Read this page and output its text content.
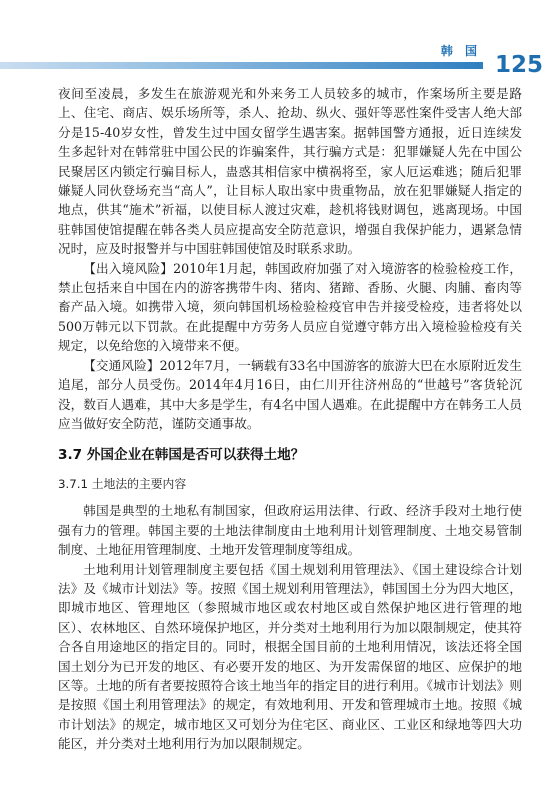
韩 国
125

夜间至凌晨，多发生在旅游观光和外来务工人员较多的城市，作案场所主要是路上、住宅、商店、娱乐场所等，杀人、抢劫、纵火、强奸等恶性案件受害人绝大部分是15-40岁女性，曾发生过中国女留学生遇害案。据韩国警方通报，近日连续发生多起针对在韩常驻中国公民的诈骗案件，其行骗方式是：犯罪嫌疑人先在中国公民聚居区内锁定行骗目标人，蛊惑其相信家中横祸将至，家人厄运难逃；随后犯罪嫌疑人同伙登场充当“高人”，让目标人取出家中贵重物品，放在犯罪嫌疑人指定的地点，供其“施术”祈福，以使目标人渡过灾难，趁机将钱财调包，逃离现场。中国驻韩国使馆提醒在韩各类人员应提高安全防范意识，增强自我保护能力，遇紧急情况时，应及时报警并与中国驻韩国使馆及时联系求助。

【出入境风险】2010年1月起，韩国政府加强了对入境游客的检验检疫工作，禁止包括来自中国在内的游客携带牛肉、猪肉、猪蹄、香肠、火腿、肉脯、畜肉等畜产品入境。如携带入境，须向韩国机场检验检疫官申告并接受检疫，违者将处以500万韩元以下罚款。在此提醒中方劳务人员应自觉遵守韩方出入境检验检疫有关规定，以免给您的入境带来不便。

【交通风险】2012年7月，一辆载有33名中国游客的旅游大巴在水原附近发生追尾，部分人员受伤。2014年4月16日，由仁川开往济州岛的“世越号”客货轮沉没，数百人遇难，其中大多是学生，有4名中国人遇难。在此提醒中方在韩务工人员应当做好安全防范，谨防交通事故。

3.7 外国企业在韩国是否可以获得土地？
3.7.1 土地法的主要内容

韩国是典型的土地私有制国家，但政府运用法律、行政、经济手段对土地行使强有力的管理。韩国主要的土地法律制度由土地利用计划管理制度、土地交易管制制度、土地征用管理制度、土地开发管理制度等组成。

土地利用计划管理制度主要包括《国土规划利用管理法》、《国土建设综合计划法》及《城市计划法》等。按照《国土规划利用管理法》，韩国国土分为四大地区，即城市地区、管理地区（参照城市地区或农村地区或自然保护地区进行管理的地区）、农林地区、自然环境保护地区，并分类对土地利用行为加以限制规定，使其符合各自用途地区的指定目的。同时，根据全国目前的土地利用情况，该法还将全国国土划分为已开发的地区、有必要开发的地区、为开发需保留的地区、应保护的地区等。土地的所有者要按照符合该土地当年的指定目的进行利用。《城市计划法》则是按照《国土利用管理法》的规定，有效地利用、开发和管理城市土地。按照《城市计划法》的规定，城市地区又可划分为住宅区、商业区、工业区和绿地等四大功能区，并分类对土地利用行为加以限制规定。
